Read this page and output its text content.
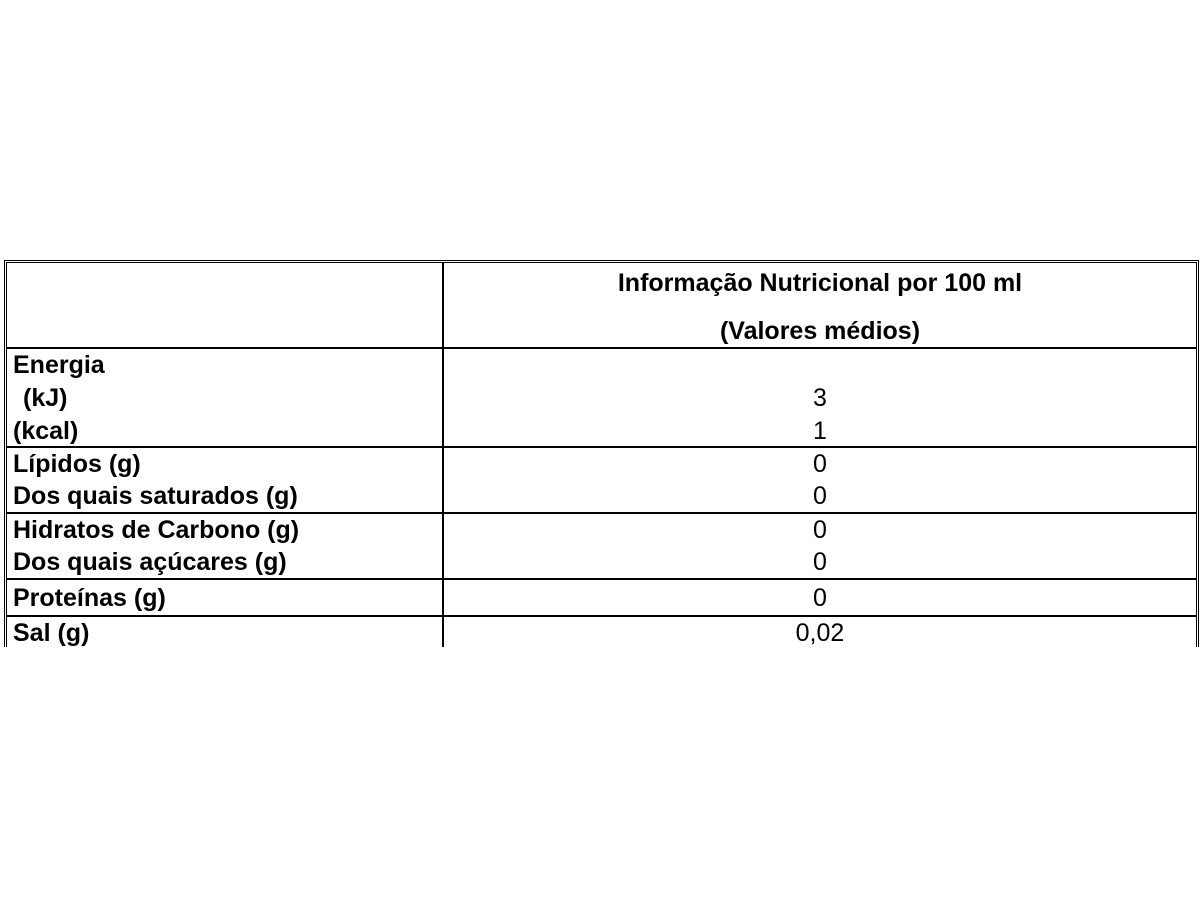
Informação Nutricional por 100 ml
(Valores médios)
Energia
(kJ)	3
(kcal)	1
Lípidos (g)	0
Dos quais saturados (g)	0
Hidratos de Carbono (g)	0
Dos quais açúcares (g)	0
Proteínas (g)	0
Sal (g)	0,02
